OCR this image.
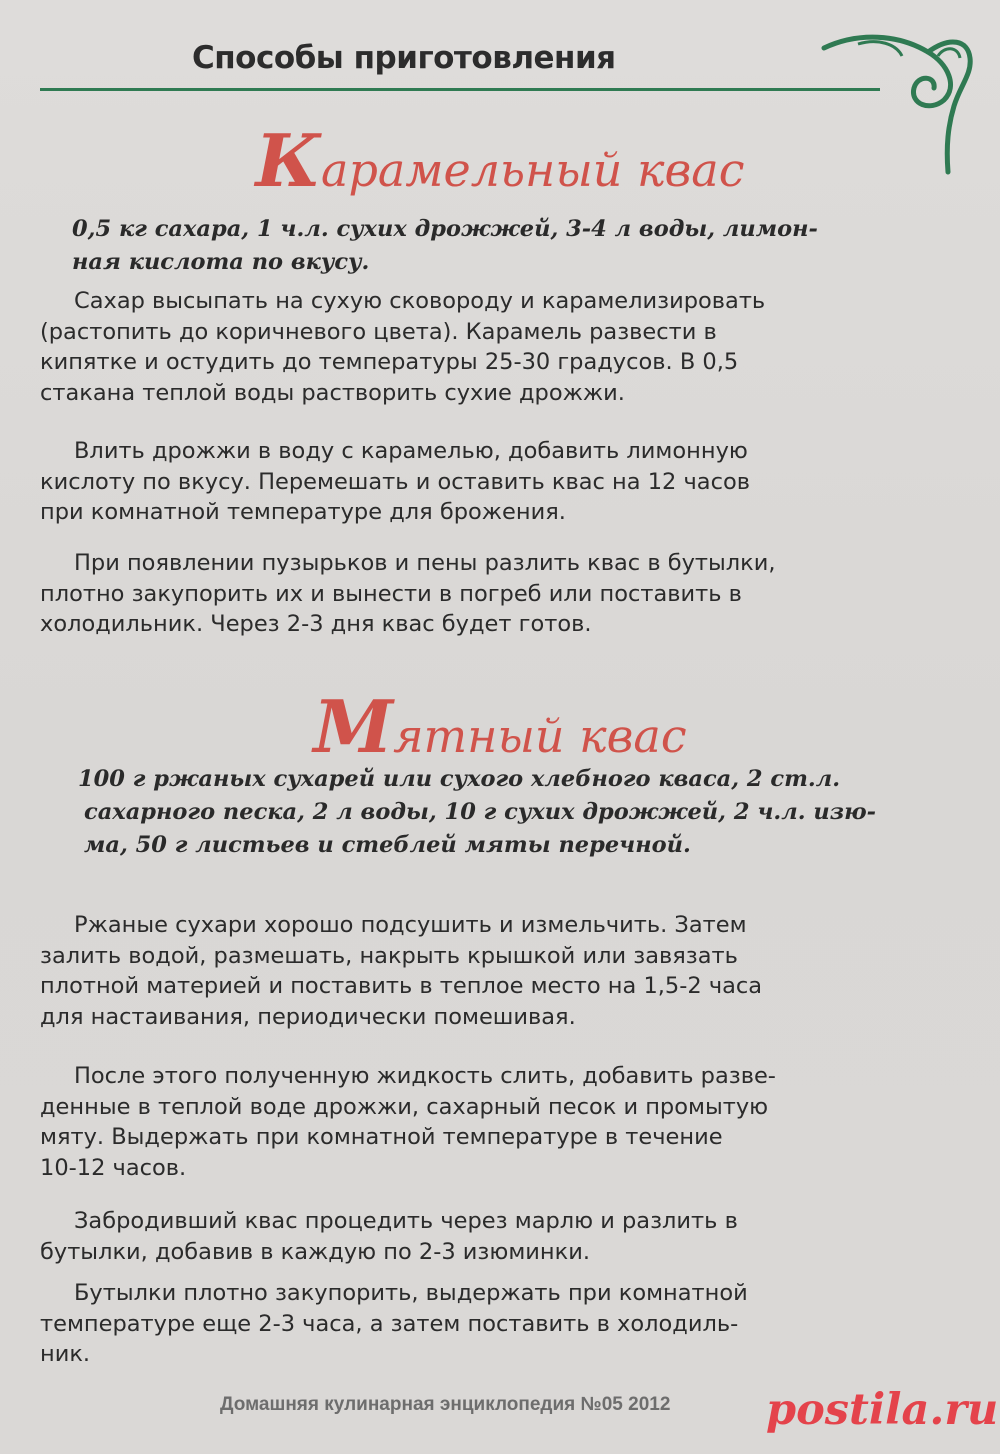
Способы приготовления
Карамельный квас
0,5 кг сахара, 1 ч.л. сухих дрожжей, 3-4 л воды, лимон-
ная кислота по вкусу.
Сахар высыпать на сухую сковороду и карамелизировать
(растопить до коричневого цвета). Карамель развести в
кипятке и остудить до температуры 25-30 градусов. В 0,5
стакана теплой воды растворить сухие дрожжи.
Влить дрожжи в воду с карамелью, добавить лимонную
кислоту по вкусу. Перемешать и оставить квас на 12 часов
при комнатной температуре для брожения.
При появлении пузырьков и пены разлить квас в бутылки,
плотно закупорить их и вынести в погреб или поставить в
холодильник. Через 2-3 дня квас будет готов.
Мятный квас
100 г ржаных сухарей или сухого хлебного кваса, 2 ст.л.
сахарного песка, 2 л воды, 10 г сухих дрожжей, 2 ч.л. изю-
ма, 50 г листьев и стеблей мяты перечной.
Ржаные сухари хорошо подсушить и измельчить. Затем
залить водой, размешать, накрыть крышкой или завязать
плотной материей и поставить в теплое место на 1,5-2 часа
для настаивания, периодически помешивая.
После этого полученную жидкость слить, добавить разве-
денные в теплой воде дрожжи, сахарный песок и промытую
мяту. Выдержать при комнатной температуре в течение
10-12 часов.
Забродивший квас процедить через марлю и разлить в
бутылки, добавив в каждую по 2-3 изюминки.
Бутылки плотно закупорить, выдержать при комнатной
температуре еще 2-3 часа, а затем поставить в холодиль-
ник.
Домашняя кулинарная энциклопедия №05 2012 postila.ru
